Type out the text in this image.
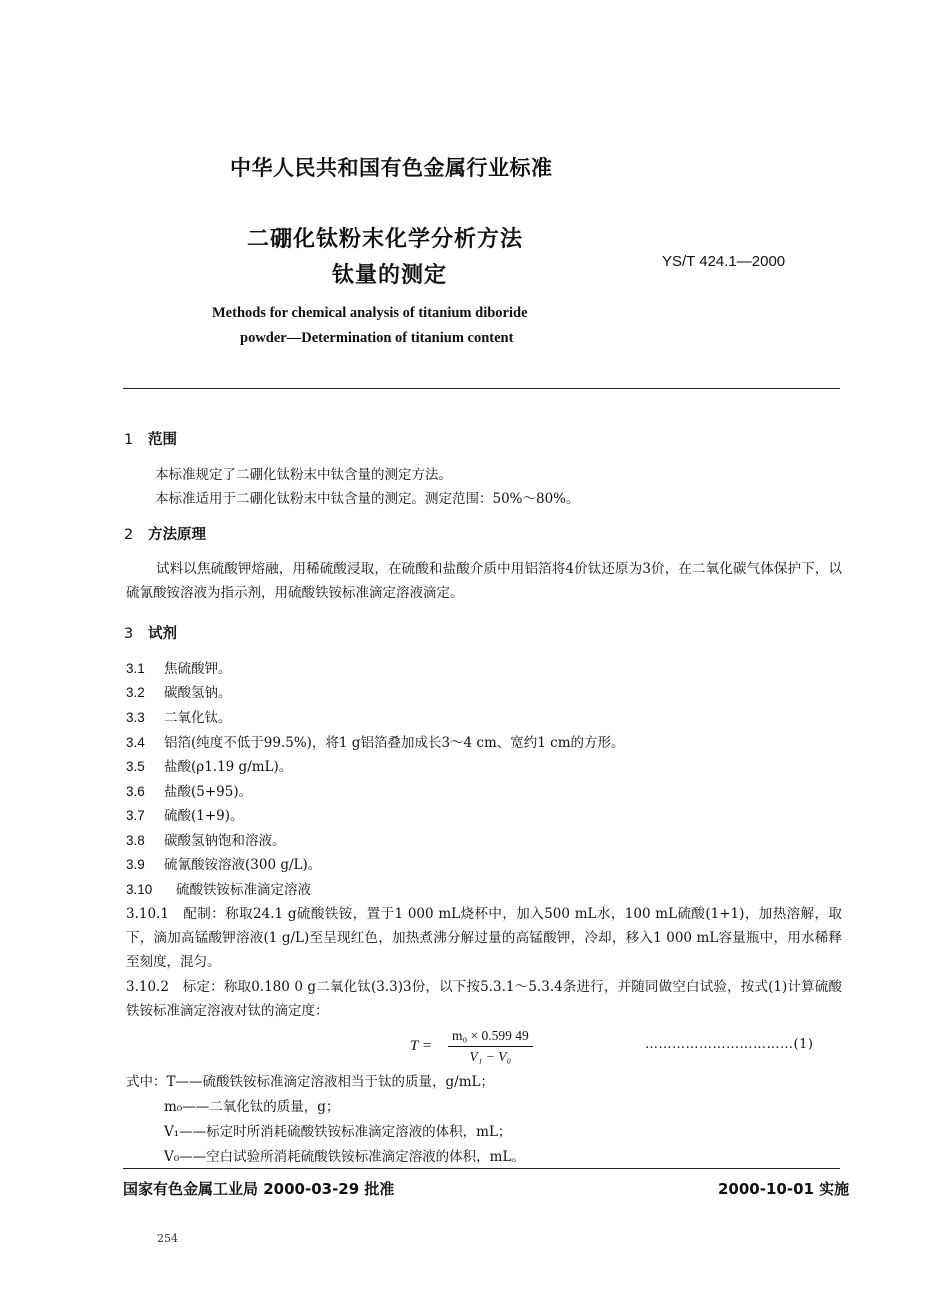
中华人民共和国有色金属行业标准
二硼化钛粉末化学分析方法
钛量的测定
YS/T 424.1—2000
Methods for chemical analysis of titanium diboride
powder—Determination of titanium content
1 范围
本标准规定了二硼化钛粉末中钛含量的测定方法。
本标准适用于二硼化钛粉末中钛含量的测定。测定范围：50%～80%。
2 方法原理
试料以焦硫酸钾熔融，用稀硫酸浸取，在硫酸和盐酸介质中用铝箔将4价钛还原为3价，在二氧化碳气体保护下，以硫氰酸铵溶液为指示剂，用硫酸铁铵标准滴定溶液滴定。
3 试剂
3.1 焦硫酸钾。
3.2 碳酸氢钠。
3.3 二氧化钛。
3.4 铝箔(纯度不低于99.5%)，将1 g铝箔叠加成长3～4 cm、宽约1 cm的方形。
3.5 盐酸(ρ1.19 g/mL)。
3.6 盐酸(5+95)。
3.7 硫酸(1+9)。
3.8 碳酸氢钠饱和溶液。
3.9 硫氰酸铵溶液(300 g/L)。
3.10 硫酸铁铵标准滴定溶液
3.10.1　配制：称取24.1 g硫酸铁铵，置于1 000 mL烧杯中，加入500 mL水，100 mL硫酸(1+1)，加热溶解，取下，滴加高锰酸钾溶液(1 g/L)至呈现红色，加热煮沸分解过量的高锰酸钾，冷却，移入1 000 mL容量瓶中，用水稀释至刻度，混匀。
3.10.2　标定：称取0.180 0 g二氧化钛(3.3)3份，以下按5.3.1～5.3.4条进行，并随同做空白试验，按式(1)计算硫酸铁铵标准滴定溶液对钛的滴定度：
$T = \frac{\text{m₀ × 0.599 49}}{\text{V₁ − V₀}}$	……………………………(1)
式中：T——硫酸铁铵标准滴定溶液相当于钛的质量，g/mL；
m₀——二氧化钛的质量，g；
V₁——标定时所消耗硫酸铁铵标准滴定溶液的体积，mL；
V₀——空白试验所消耗硫酸铁铵标准滴定溶液的体积，mL。
国家有色金属工业局 2000-03-29 批准	2000-10-01 实施
254
